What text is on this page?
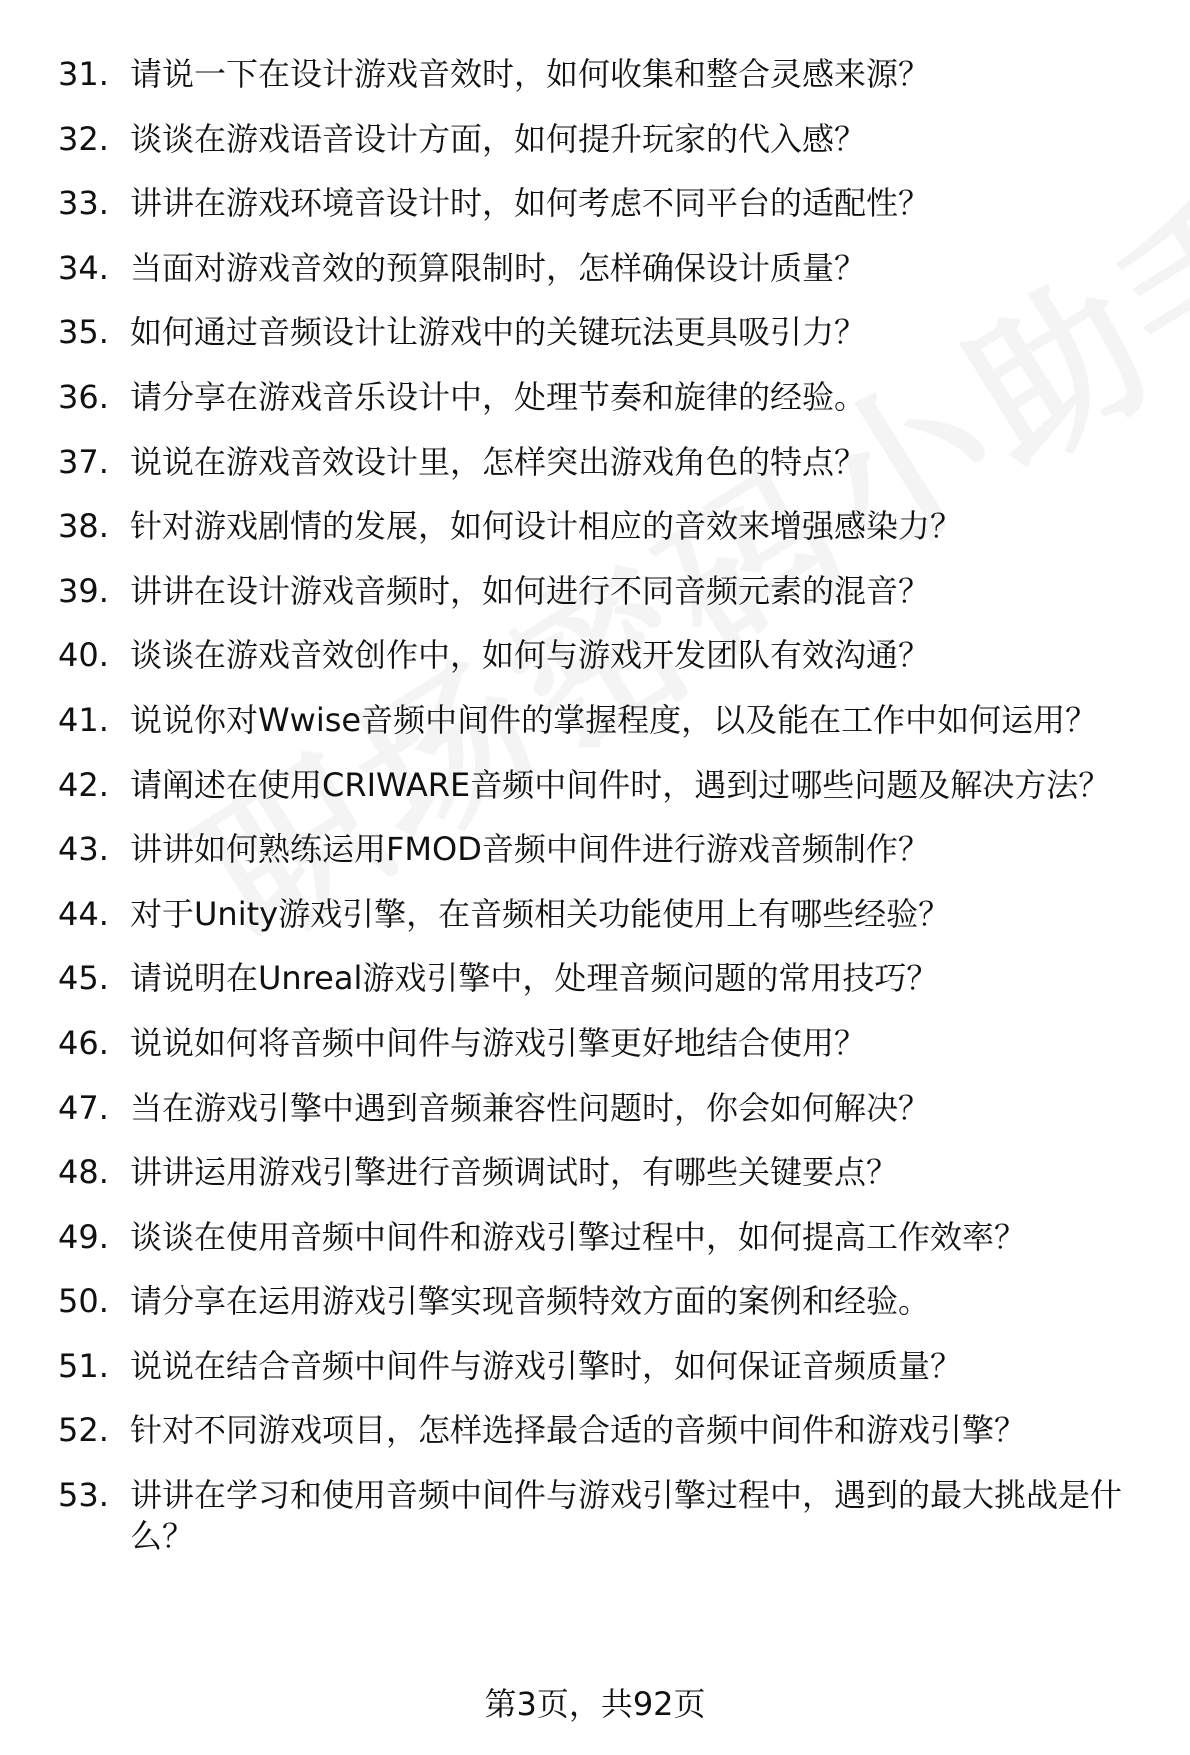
31. 请说一下在设计游戏音效时，如何收集和整合灵感来源？
32. 谈谈在游戏语音设计方面，如何提升玩家的代入感？
33. 讲讲在游戏环境音设计时，如何考虑不同平台的适配性？
34. 当面对游戏音效的预算限制时，怎样确保设计质量？
35. 如何通过音频设计让游戏中的关键玩法更具吸引力？
36. 请分享在游戏音乐设计中，处理节奏和旋律的经验。
37. 说说在游戏音效设计里，怎样突出游戏角色的特点？
38. 针对游戏剧情的发展，如何设计相应的音效来增强感染力？
39. 讲讲在设计游戏音频时，如何进行不同音频元素的混音？
40. 谈谈在游戏音效创作中，如何与游戏开发团队有效沟通？
41. 说说你对Wwise音频中间件的掌握程度，以及能在工作中如何运用？
42. 请阐述在使用CRIWARE音频中间件时，遇到过哪些问题及解决方法？
43. 讲讲如何熟练运用FMOD音频中间件进行游戏音频制作？
44. 对于Unity游戏引擎，在音频相关功能使用上有哪些经验？
45. 请说明在Unreal游戏引擎中，处理音频问题的常用技巧？
46. 说说如何将音频中间件与游戏引擎更好地结合使用？
47. 当在游戏引擎中遇到音频兼容性问题时，你会如何解决？
48. 讲讲运用游戏引擎进行音频调试时，有哪些关键要点？
49. 谈谈在使用音频中间件和游戏引擎过程中，如何提高工作效率？
50. 请分享在运用游戏引擎实现音频特效方面的案例和经验。
51. 说说在结合音频中间件与游戏引擎时，如何保证音频质量？
52. 针对不同游戏项目，怎样选择最合适的音频中间件和游戏引擎？
53. 讲讲在学习和使用音频中间件与游戏引擎过程中，遇到的最大挑战是什么？
第3页，共92页
